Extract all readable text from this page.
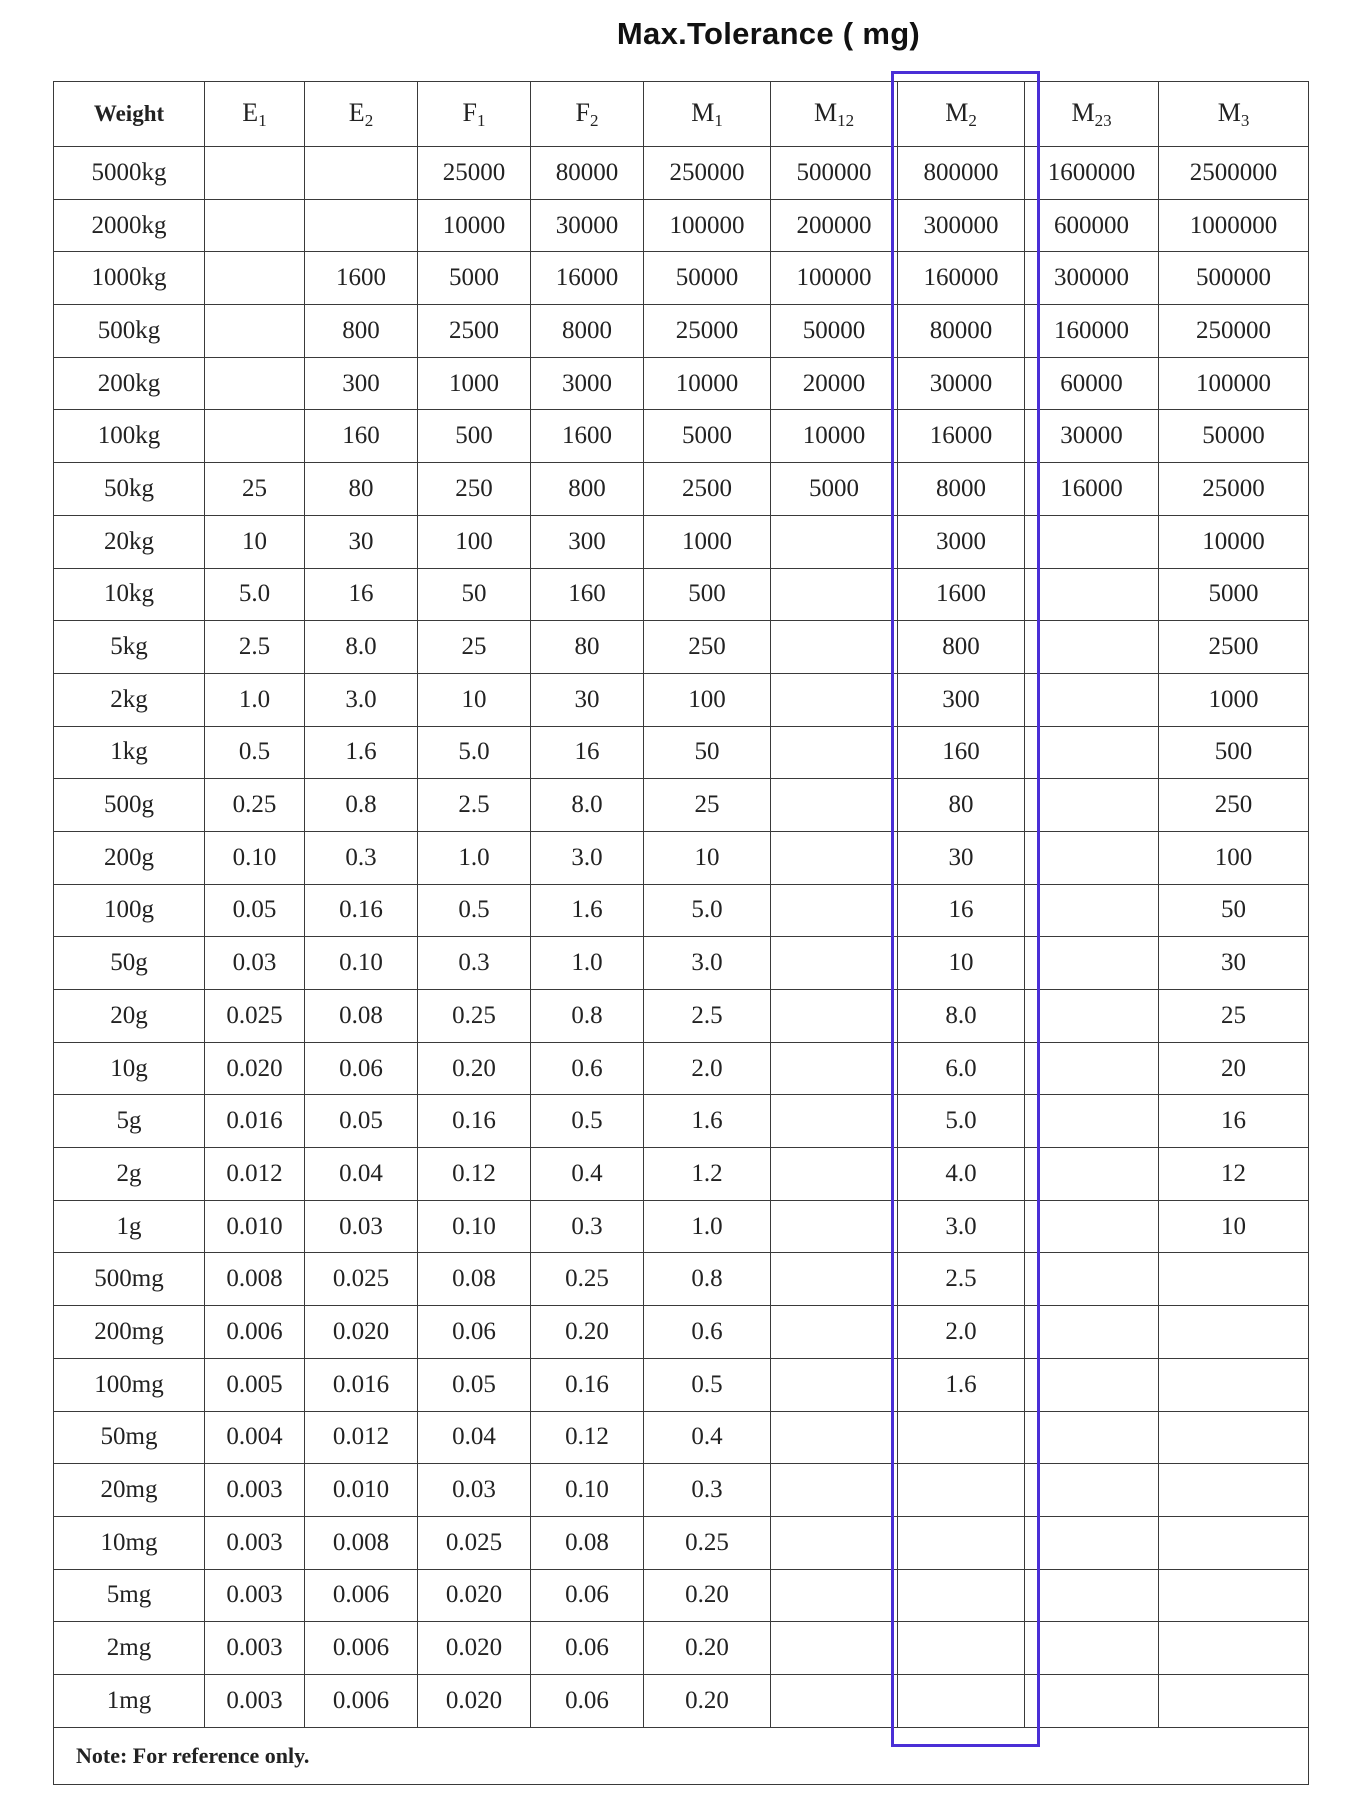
Max.Tolerance ( mg)
Weight	$E_1$	$E_2$	$F_1$	$F_2$	$M_1$	$M_{12}$	$M_2$	$M_{23}$	$M_3$
5000kg			25000	80000	250000	500000	800000	1600000	2500000
2000kg			10000	30000	100000	200000	300000	600000	1000000
1000kg		1600	5000	16000	50000	100000	160000	300000	500000
500kg		800	2500	8000	25000	50000	80000	160000	250000
200kg		300	1000	3000	10000	20000	30000	60000	100000
100kg		160	500	1600	5000	10000	16000	30000	50000
50kg	25	80	250	800	2500	5000	8000	16000	25000
20kg	10	30	100	300	1000		3000		10000
10kg	5.0	16	50	160	500		1600		5000
5kg	2.5	8.0	25	80	250		800		2500
2kg	1.0	3.0	10	30	100		300		1000
1kg	0.5	1.6	5.0	16	50		160		500
500g	0.25	0.8	2.5	8.0	25		80		250
200g	0.10	0.3	1.0	3.0	10		30		100
100g	0.05	0.16	0.5	1.6	5.0		16		50
50g	0.03	0.10	0.3	1.0	3.0		10		30
20g	0.025	0.08	0.25	0.8	2.5		8.0		25
10g	0.020	0.06	0.20	0.6	2.0		6.0		20
5g	0.016	0.05	0.16	0.5	1.6		5.0		16
2g	0.012	0.04	0.12	0.4	1.2		4.0		12
1g	0.010	0.03	0.10	0.3	1.0		3.0		10
500mg	0.008	0.025	0.08	0.25	0.8		2.5		
200mg	0.006	0.020	0.06	0.20	0.6		2.0		
100mg	0.005	0.016	0.05	0.16	0.5		1.6		
50mg	0.004	0.012	0.04	0.12	0.4				
20mg	0.003	0.010	0.03	0.10	0.3				
10mg	0.003	0.008	0.025	0.08	0.25				
5mg	0.003	0.006	0.020	0.06	0.20				
2mg	0.003	0.006	0.020	0.06	0.20				
1mg	0.003	0.006	0.020	0.06	0.20				
Note: For reference only.									
